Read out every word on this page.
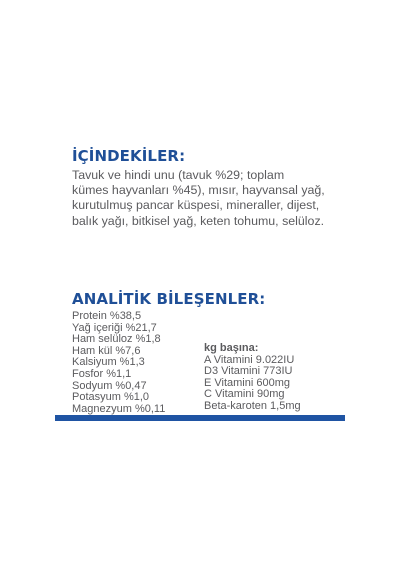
İÇİNDEKİLER:
Tavuk ve hindi unu (tavuk %29; toplam
kümes hayvanları %45), mısır, hayvansal yağ,
kurutulmuş pancar küspesi, mineraller, dijest,
balık yağı, bitkisel yağ, keten tohumu, selüloz.
ANALİTİK BİLEŞENLER:
Protein %38,5
Yağ içeriği %21,7
Ham selüloz %1,8
Ham kül %7,6
Kalsiyum %1,3
Fosfor %1,1
Sodyum %0,47
Potasyum %1,0
Magnezyum %0,11
kg başına:
A Vitamini 9.022IU
D3 Vitamini 773IU
E Vitamini 600mg
C Vitamini 90mg
Beta-karoten 1,5mg
